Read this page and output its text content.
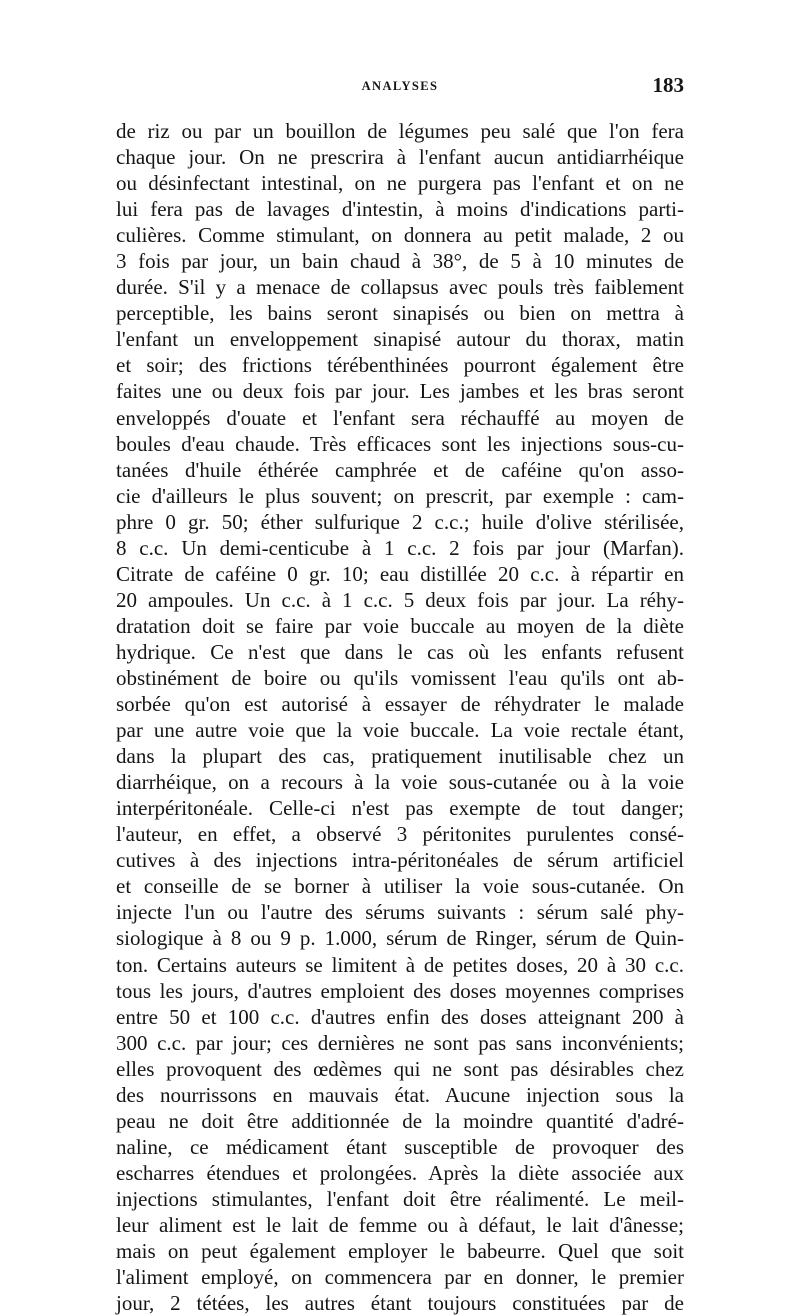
ANALYSES	183
de riz ou par un bouillon de légumes peu salé que l'on fera
chaque jour. On ne prescrira à l'enfant aucun antidiarrhéique
ou désinfectant intestinal, on ne purgera pas l'enfant et on ne
lui fera pas de lavages d'intestin, à moins d'indications parti-
culières. Comme stimulant, on donnera au petit malade, 2 ou
3 fois par jour, un bain chaud à 38°, de 5 à 10 minutes de
durée. S'il y a menace de collapsus avec pouls très faiblement
perceptible, les bains seront sinapisés ou bien on mettra à
l'enfant un enveloppement sinapisé autour du thorax, matin
et soir; des frictions térébenthinées pourront également être
faites une ou deux fois par jour. Les jambes et les bras seront
enveloppés d'ouate et l'enfant sera réchauffé au moyen de
boules d'eau chaude. Très efficaces sont les injections sous-cu-
tanées d'huile éthérée camphrée et de caféine qu'on asso-
cie d'ailleurs le plus souvent; on prescrit, par exemple : cam-
phre 0 gr. 50; éther sulfurique 2 c.c.; huile d'olive stérilisée,
8 c.c. Un demi-centicube à 1 c.c. 2 fois par jour (Marfan).
Citrate de caféine 0 gr. 10; eau distillée 20 c.c. à répartir en
20 ampoules. Un c.c. à 1 c.c. 5 deux fois par jour. La réhy-
dratation doit se faire par voie buccale au moyen de la diète
hydrique. Ce n'est que dans le cas où les enfants refusent
obstinément de boire ou qu'ils vomissent l'eau qu'ils ont ab-
sorbée qu'on est autorisé à essayer de réhydrater le malade
par une autre voie que la voie buccale. La voie rectale étant,
dans la plupart des cas, pratiquement inutilisable chez un
diarrhéique, on a recours à la voie sous-cutanée ou à la voie
interpéritonéale. Celle-ci n'est pas exempte de tout danger;
l'auteur, en effet, a observé 3 péritonites purulentes consé-
cutives à des injections intra-péritonéales de sérum artificiel
et conseille de se borner à utiliser la voie sous-cutanée. On
injecte l'un ou l'autre des sérums suivants : sérum salé phy-
siologique à 8 ou 9 p. 1.000, sérum de Ringer, sérum de Quin-
ton. Certains auteurs se limitent à de petites doses, 20 à 30 c.c.
tous les jours, d'autres emploient des doses moyennes comprises
entre 50 et 100 c.c. d'autres enfin des doses atteignant 200 à
300 c.c. par jour; ces dernières ne sont pas sans inconvénients;
elles provoquent des œdèmes qui ne sont pas désirables chez
des nourrissons en mauvais état. Aucune injection sous la
peau ne doit être additionnée de la moindre quantité d'adré-
naline, ce médicament étant susceptible de provoquer des
escharres étendues et prolongées. Après la diète associée aux
injections stimulantes, l'enfant doit être réalimenté. Le meil-
leur aliment est le lait de femme ou à défaut, le lait d'ânesse;
mais on peut également employer le babeurre. Quel que soit
l'aliment employé, on commencera par en donner, le premier
jour, 2 tétées, les autres étant toujours constituées par de
